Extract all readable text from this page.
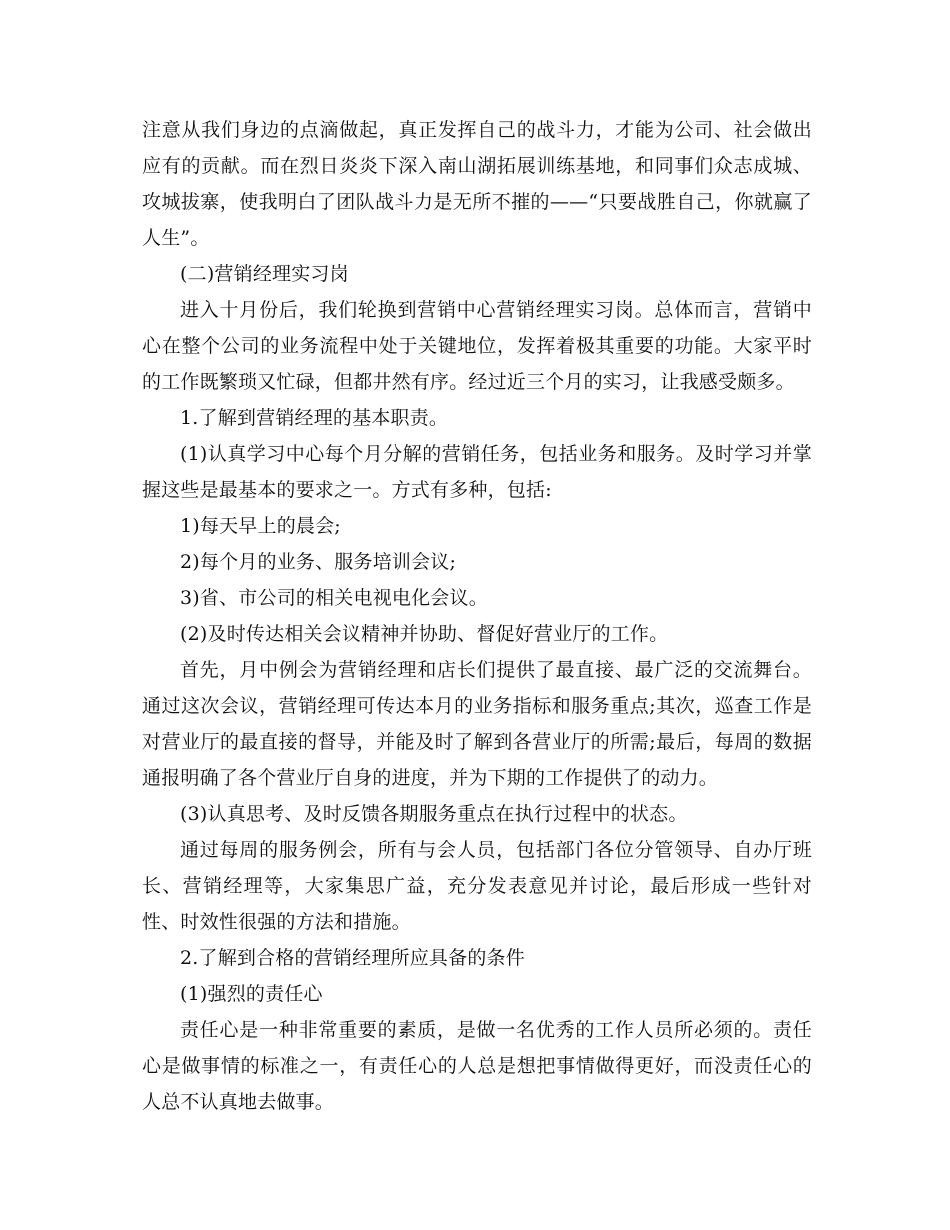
注意从我们身边的点滴做起，真正发挥自己的战斗力，才能为公司、社会做出应有的贡献。而在烈日炎炎下深入南山湖拓展训练基地，和同事们众志成城、攻城拔寨，使我明白了团队战斗力是无所不摧的——“只要战胜自己，你就赢了人生”。

(二)营销经理实习岗

进入十月份后，我们轮换到营销中心营销经理实习岗。总体而言，营销中心在整个公司的业务流程中处于关键地位，发挥着极其重要的功能。大家平时的工作既繁琐又忙碌，但都井然有序。经过近三个月的实习，让我感受颇多。

1.了解到营销经理的基本职责。

(1)认真学习中心每个月分解的营销任务，包括业务和服务。及时学习并掌握这些是最基本的要求之一。方式有多种，包括:

1)每天早上的晨会;

2)每个月的业务、服务培训会议;

3)省、市公司的相关电视电化会议。

(2)及时传达相关会议精神并协助、督促好营业厅的工作。

首先，月中例会为营销经理和店长们提供了最直接、最广泛的交流舞台。通过这次会议，营销经理可传达本月的业务指标和服务重点;其次，巡查工作是对营业厅的最直接的督导，并能及时了解到各营业厅的所需;最后，每周的数据通报明确了各个营业厅自身的进度，并为下期的工作提供了的动力。

(3)认真思考、及时反馈各期服务重点在执行过程中的状态。

通过每周的服务例会，所有与会人员，包括部门各位分管领导、自办厅班长、营销经理等，大家集思广益，充分发表意见并讨论，最后形成一些针对性、时效性很强的方法和措施。

2.了解到合格的营销经理所应具备的条件

(1)强烈的责任心

责任心是一种非常重要的素质，是做一名优秀的工作人员所必须的。责任心是做事情的标准之一，有责任心的人总是想把事情做得更好，而没责任心的人总不认真地去做事。
